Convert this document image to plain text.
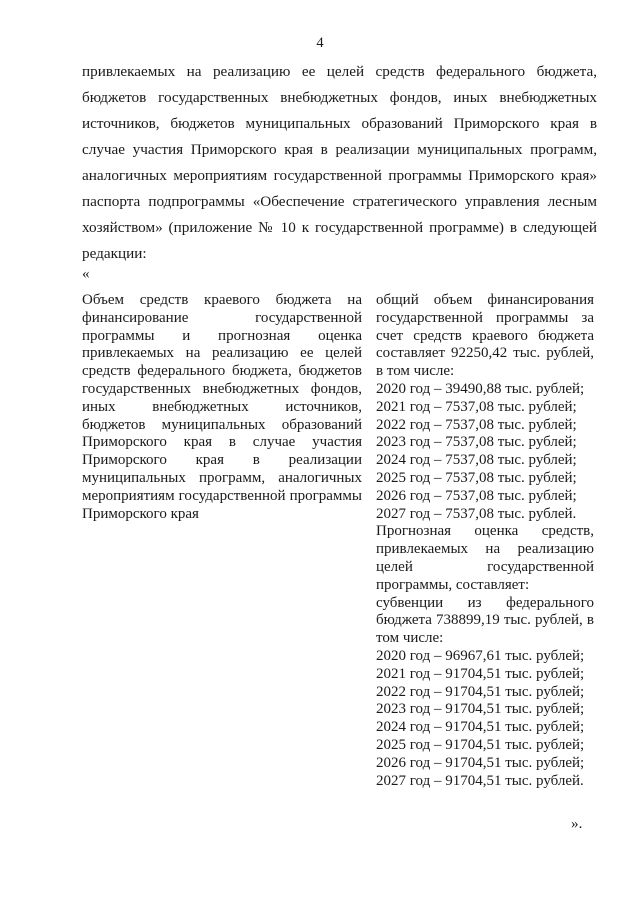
4

привлекаемых на реализацию ее целей средств федерального бюджета, бюджетов государственных внебюджетных фондов, иных внебюджетных источников, бюджетов муниципальных образований Приморского края в случае участия Приморского края в реализации муниципальных программ, аналогичных мероприятиям государственной программы Приморского края» паспорта подпрограммы «Обеспечение стратегического управления лесным хозяйством» (приложение № 10 к государственной программе) в следующей редакции:

«

Объем средств краевого бюджета на финансирование государственной программы и прогнозная оценка привлекаемых на реализацию ее целей средств федерального бюджета, бюджетов государственных внебюджетных фондов, иных внебюджетных источников, бюджетов муниципальных образований Приморского края в случае участия Приморского края в реализации муниципальных программ, аналогичных мероприятиям государственной программы Приморского края

общий объем финансирования государственной программы за счет средств краевого бюджета составляет 92250,42 тыс. рублей, в том числе:

2020 год – 39490,88 тыс. рублей;

2021 год – 7537,08 тыс. рублей;

2022 год – 7537,08 тыс. рублей;

2023 год – 7537,08 тыс. рублей;

2024 год – 7537,08 тыс. рублей;

2025 год – 7537,08 тыс. рублей;

2026 год – 7537,08 тыс. рублей;

2027 год – 7537,08 тыс. рублей.

Прогнозная оценка средств, привлекаемых на реализацию целей государственной программы, составляет:

субвенции из федерального бюджета 738899,19 тыс. рублей, в том числе:

2020 год – 96967,61 тыс. рублей;

2021 год – 91704,51 тыс. рублей;

2022 год – 91704,51 тыс. рублей;

2023 год – 91704,51 тыс. рублей;

2024 год – 91704,51 тыс. рублей;

2025 год – 91704,51 тыс. рублей;

2026 год – 91704,51 тыс. рублей;

2027 год – 91704,51 тыс. рублей.

».
